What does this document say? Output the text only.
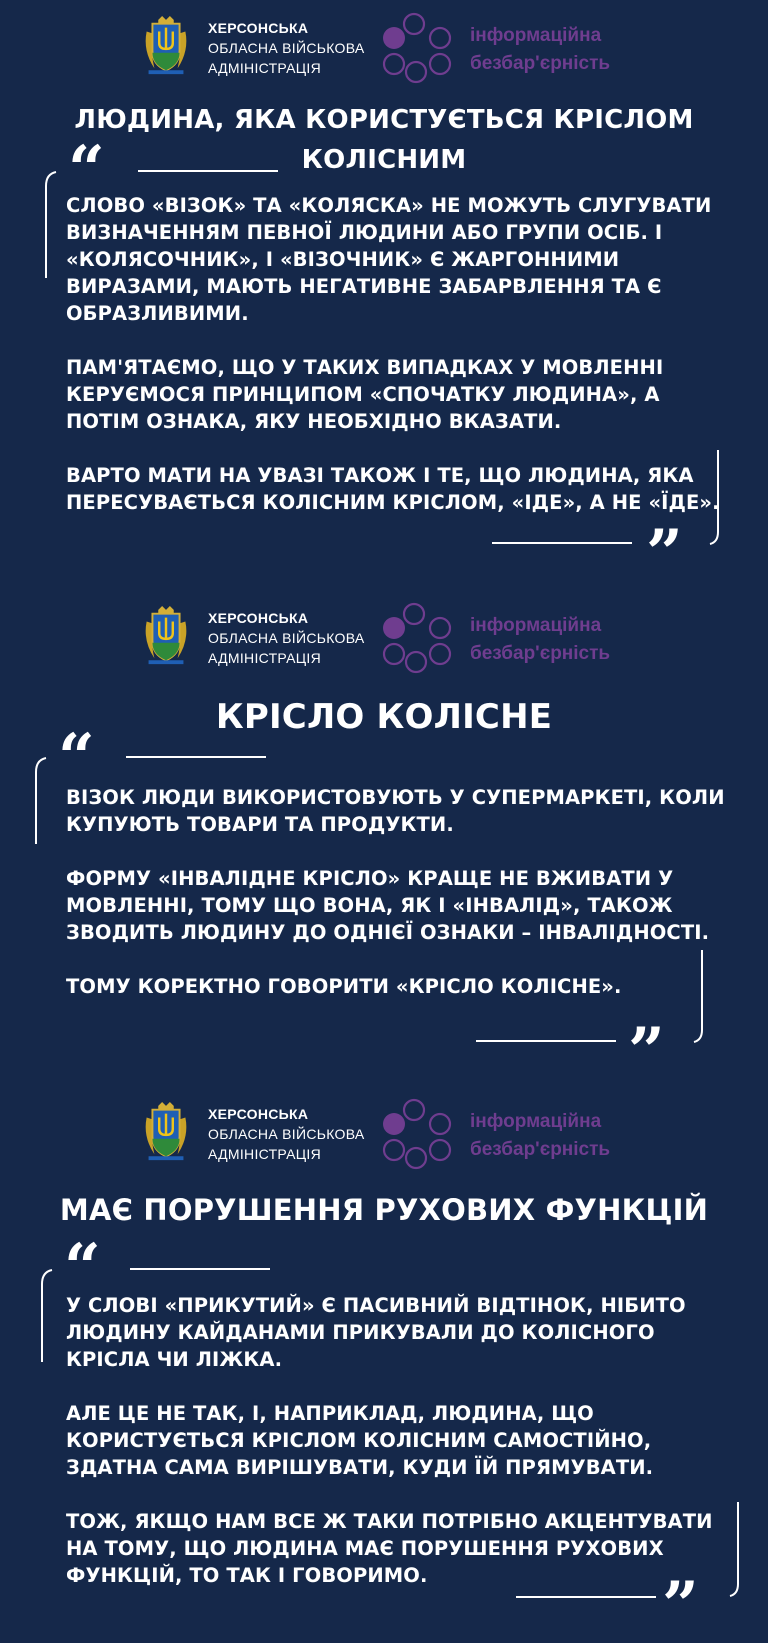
ХЕРСОНСЬКА
ОБЛАСНА ВІЙСЬКОВА
АДМІНІСТРАЦІЯ
інформаційна
безбар'єрність
ЛЮДИНА, ЯКА КОРИСТУЄТЬСЯ КРІСЛОМ КОЛІСНИМ
“

СЛОВО «ВІЗОК» ТА «КОЛЯСКА» НЕ МОЖУТЬ СЛУГУВАТИ ВИЗНАЧЕННЯМ ПЕВНОЇ ЛЮДИНИ АБО ГРУПИ ОСІБ. І «КОЛЯСОЧНИК», І «ВІЗОЧНИК» Є ЖАРГОННИМИ ВИРАЗАМИ, МАЮТЬ НЕГАТИВНЕ ЗАБАРВЛЕННЯ ТА Є ОБРАЗЛИВИМИ.

ПАМ'ЯТАЄМО, ЩО У ТАКИХ ВИПАДКАХ У МОВЛЕННІ КЕРУЄМОСЯ ПРИНЦИПОМ «СПОЧАТКУ ЛЮДИНА», А ПОТІМ ОЗНАКА, ЯКУ НЕОБХІДНО ВКАЗАТИ.

ВАРТО МАТИ НА УВАЗІ ТАКОЖ І ТЕ, ЩО ЛЮДИНА, ЯКА ПЕРЕСУВАЄТЬСЯ КОЛІСНИМ КРІСЛОМ, «ІДЕ», А НЕ «ЇДЕ».

”
ХЕРСОНСЬКА
ОБЛАСНА ВІЙСЬКОВА
АДМІНІСТРАЦІЯ
інформаційна
безбар'єрність
КРІСЛО КОЛІСНЕ
“

ВІЗОК ЛЮДИ ВИКОРИСТОВУЮТЬ У СУПЕРМАРКЕТІ, КОЛИ КУПУЮТЬ ТОВАРИ ТА ПРОДУКТИ.

ФОРМУ «ІНВАЛІДНЕ КРІСЛО» КРАЩЕ НЕ ВЖИВАТИ У МОВЛЕННІ, ТОМУ ЩО ВОНА, ЯК І «ІНВАЛІД», ТАКОЖ ЗВОДИТЬ ЛЮДИНУ ДО ОДНІЄЇ ОЗНАКИ – ІНВАЛІДНОСТІ.

ТОМУ КОРЕКТНО ГОВОРИТИ «КРІСЛО КОЛІСНЕ».

”
ХЕРСОНСЬКА
ОБЛАСНА ВІЙСЬКОВА
АДМІНІСТРАЦІЯ
інформаційна
безбар'єрність
МАЄ ПОРУШЕННЯ РУХОВИХ ФУНКЦІЙ
“

У СЛОВІ «ПРИКУТИЙ» Є ПАСИВНИЙ ВІДТІНОК, НІБИТО ЛЮДИНУ КАЙДАНАМИ ПРИКУВАЛИ ДО КОЛІСНОГО КРІСЛА ЧИ ЛІЖКА.

АЛЕ ЦЕ НЕ ТАК, І, НАПРИКЛАД, ЛЮДИНА, ЩО КОРИСТУЄТЬСЯ КРІСЛОМ КОЛІСНИМ САМОСТІЙНО, ЗДАТНА САМА ВИРІШУВАТИ, КУДИ ЇЙ ПРЯМУВАТИ.

ТОЖ, ЯКЩО НАМ ВСЕ Ж ТАКИ ПОТРІБНО АКЦЕНТУВАТИ НА ТОМУ, ЩО ЛЮДИНА МАЄ ПОРУШЕННЯ РУХОВИХ ФУНКЦІЙ, ТО ТАК І ГОВОРИМО.	”
